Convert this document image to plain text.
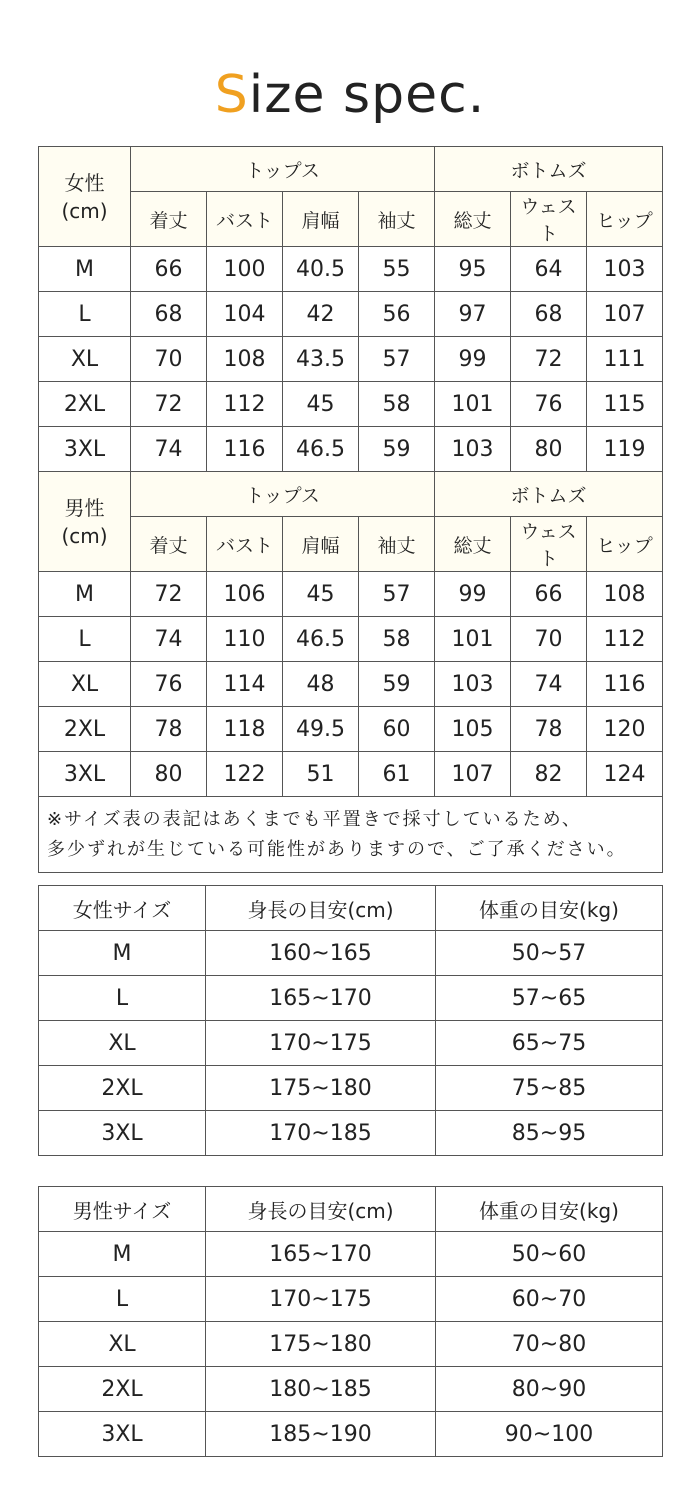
Size spec.
女性
(cm)	トップス				ボトムズ		
	着丈	バスト	肩幅	袖丈	総丈	ウェスト	ヒップ
M	66	100	40.5	55	95	64	103
L	68	104	42	56	97	68	107
XL	70	108	43.5	57	99	72	111
2XL	72	112	45	58	101	76	115
3XL	74	116	46.5	59	103	80	119

男性
(cm)	トップス				ボトムズ		
	着丈	バスト	肩幅	袖丈	総丈	ウェスト	ヒップ
M	72	106	45	57	99	66	108
L	74	110	46.5	58	101	70	112
XL	76	114	48	59	103	74	116
2XL	78	118	49.5	60	105	78	120
3XL	80	122	51	61	107	82	124

※サイズ表の表記はあくまでも平置きで採寸しているため、
多少ずれが生じている可能性がありますので、ご了承ください。							
女性サイズ	身長の目安(cm)	体重の目安(kg)
M	160~165	50~57
L	165~170	57~65
XL	170~175	65~75
2XL	175~180	75~85
3XL	170~185	85~95
男性サイズ	身長の目安(cm)	体重の目安(kg)
M	165~170	50~60
L	170~175	60~70
XL	175~180	70~80
2XL	180~185	80~90
3XL	185~190	90~100
